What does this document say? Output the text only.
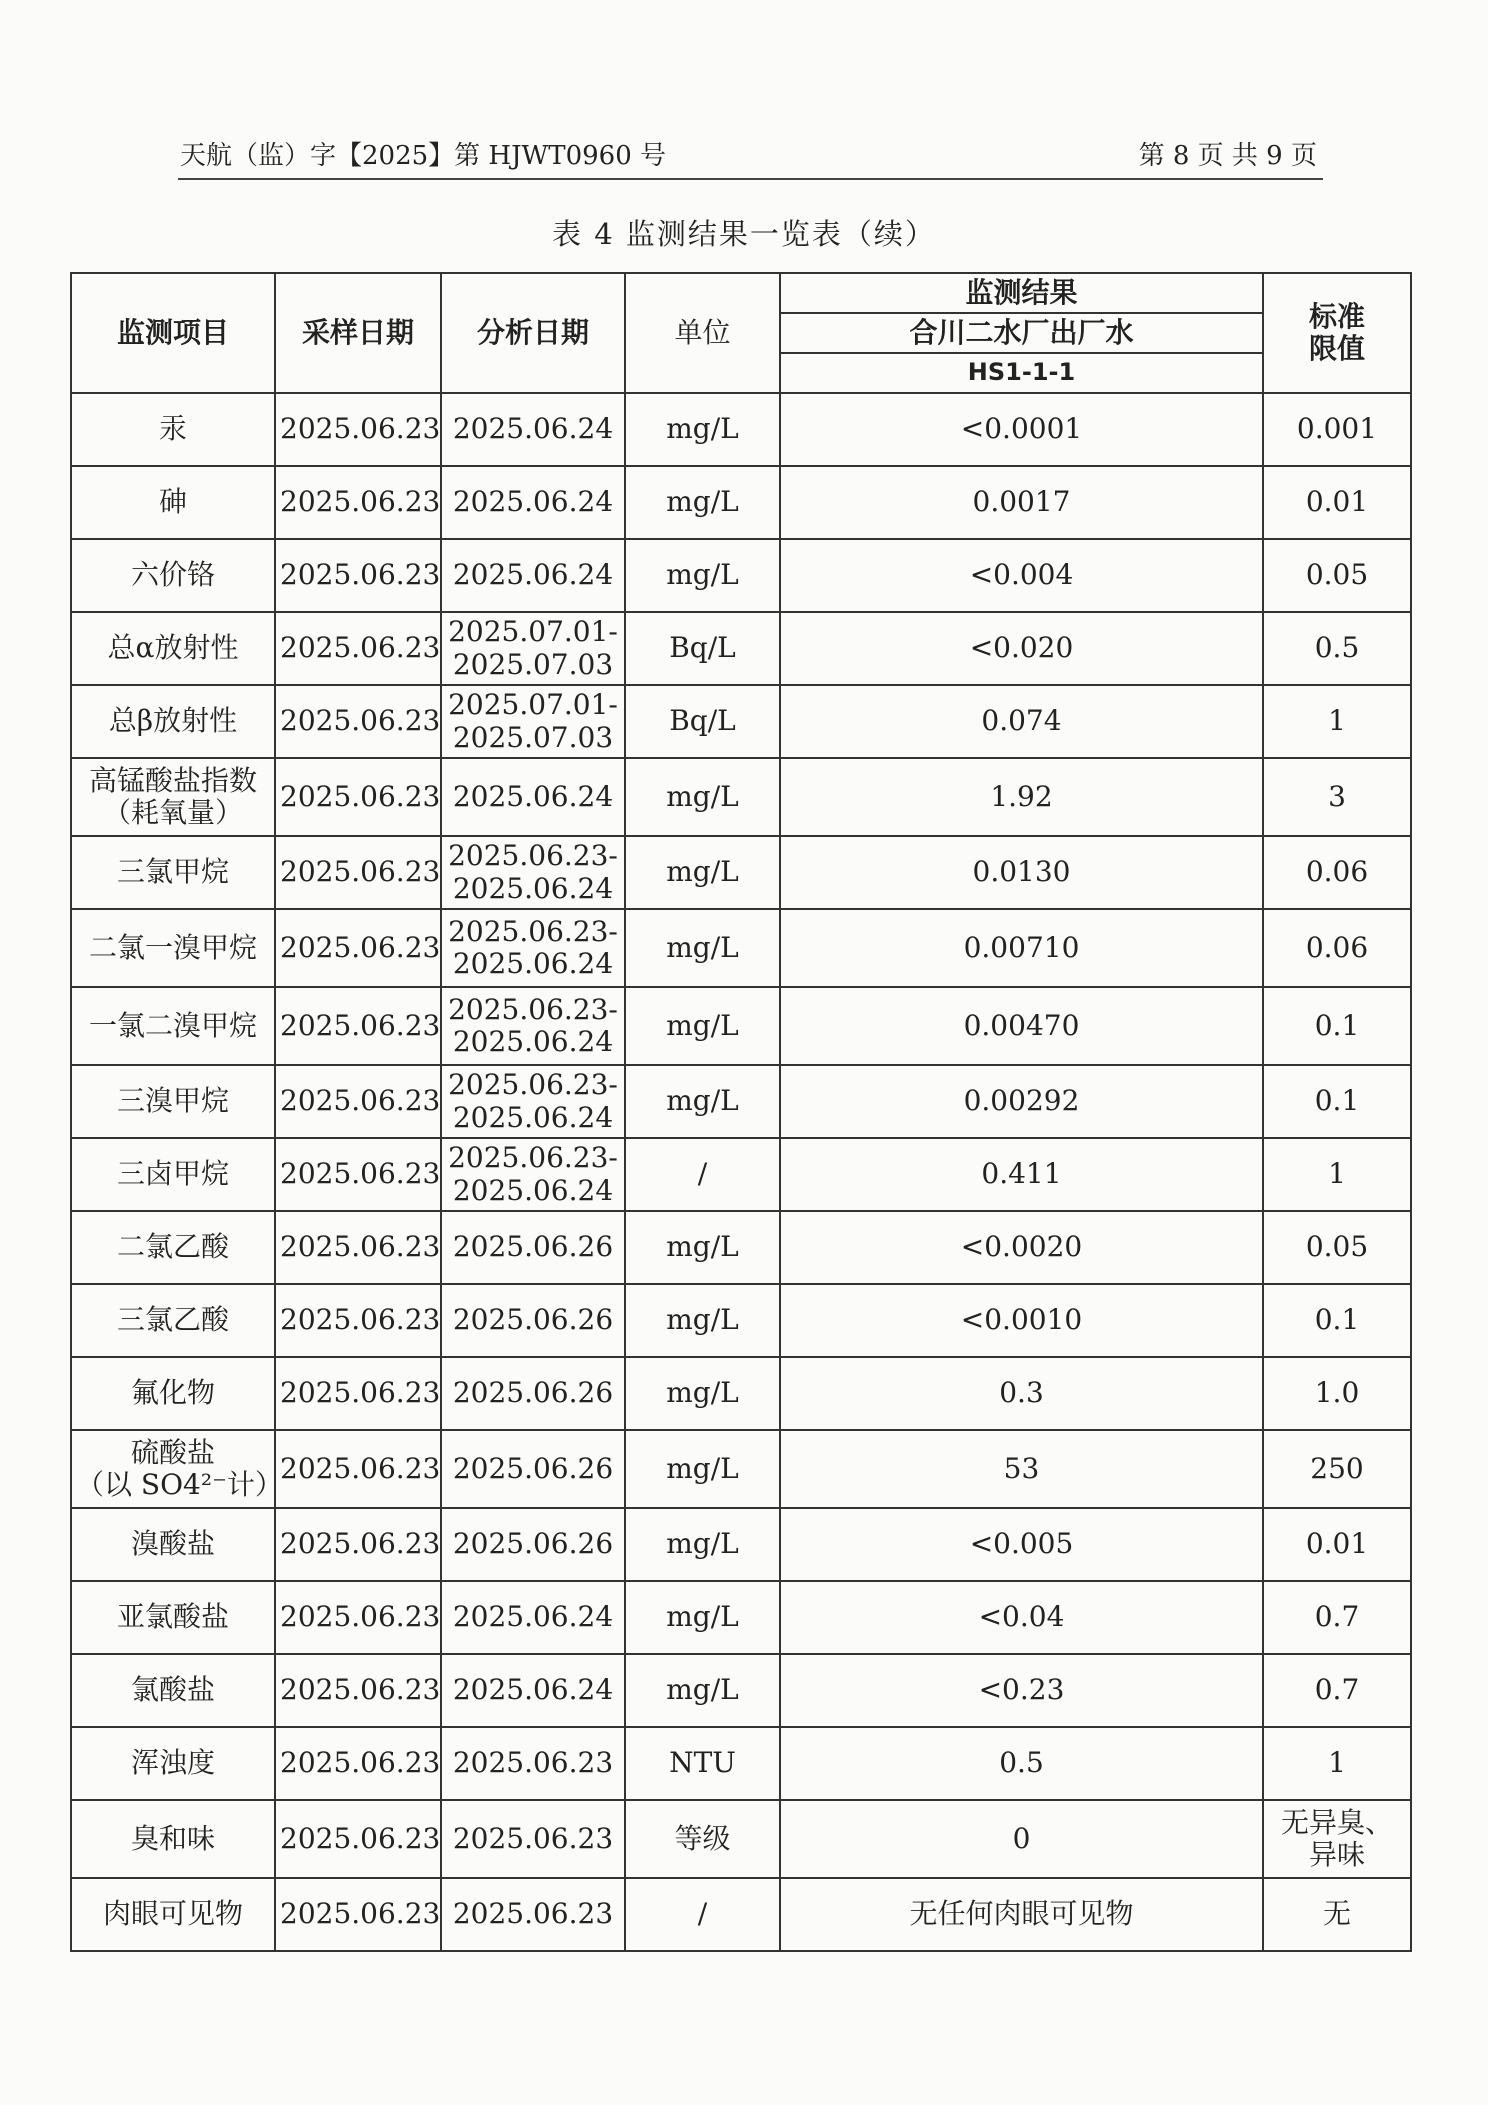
天航（监）字【2025】第 HJWT0960 号	第 8 页 共 9 页
表 4 监测结果一览表（续）
监测项目	采样日期	分析日期	单位	监测结果	标准
限值
				合川二水厂出厂水	
				HS1-1-1	
汞	2025.06.23	2025.06.24	mg/L	<0.0001	0.001
砷	2025.06.23	2025.06.24	mg/L	0.0017	0.01
六价铬	2025.06.23	2025.06.24	mg/L	<0.004	0.05
总α放射性	2025.06.23	2025.07.01-
2025.07.03	Bq/L	<0.020	0.5
总β放射性	2025.06.23	2025.07.01-
2025.07.03	Bq/L	0.074	1
高锰酸盐指数（耗氧量）	2025.06.23	2025.06.24	mg/L	1.92	3
三氯甲烷	2025.06.23	2025.06.23-
2025.06.24	mg/L	0.0130	0.06
二氯一溴甲烷	2025.06.23	2025.06.23-
2025.06.24	mg/L	0.00710	0.06
一氯二溴甲烷	2025.06.23	2025.06.23-
2025.06.24	mg/L	0.00470	0.1
三溴甲烷	2025.06.23	2025.06.23-
2025.06.24	mg/L	0.00292	0.1
三卤甲烷	2025.06.23	2025.06.23-
2025.06.24	/	0.411	1
二氯乙酸	2025.06.23	2025.06.26	mg/L	<0.0020	0.05
三氯乙酸	2025.06.23	2025.06.26	mg/L	<0.0010	0.1
氟化物	2025.06.23	2025.06.26	mg/L	0.3	1.0
硫酸盐
（以 SO4²⁻计）	2025.06.23	2025.06.26	mg/L	53	250
溴酸盐	2025.06.23	2025.06.26	mg/L	<0.005	0.01
亚氯酸盐	2025.06.23	2025.06.24	mg/L	<0.04	0.7
氯酸盐	2025.06.23	2025.06.24	mg/L	<0.23	0.7
浑浊度	2025.06.23	2025.06.23	NTU	0.5	1
臭和味	2025.06.23	2025.06.23	等级	0	无异臭、异味
肉眼可见物	2025.06.23	2025.06.23	/	无任何肉眼可见物	无
